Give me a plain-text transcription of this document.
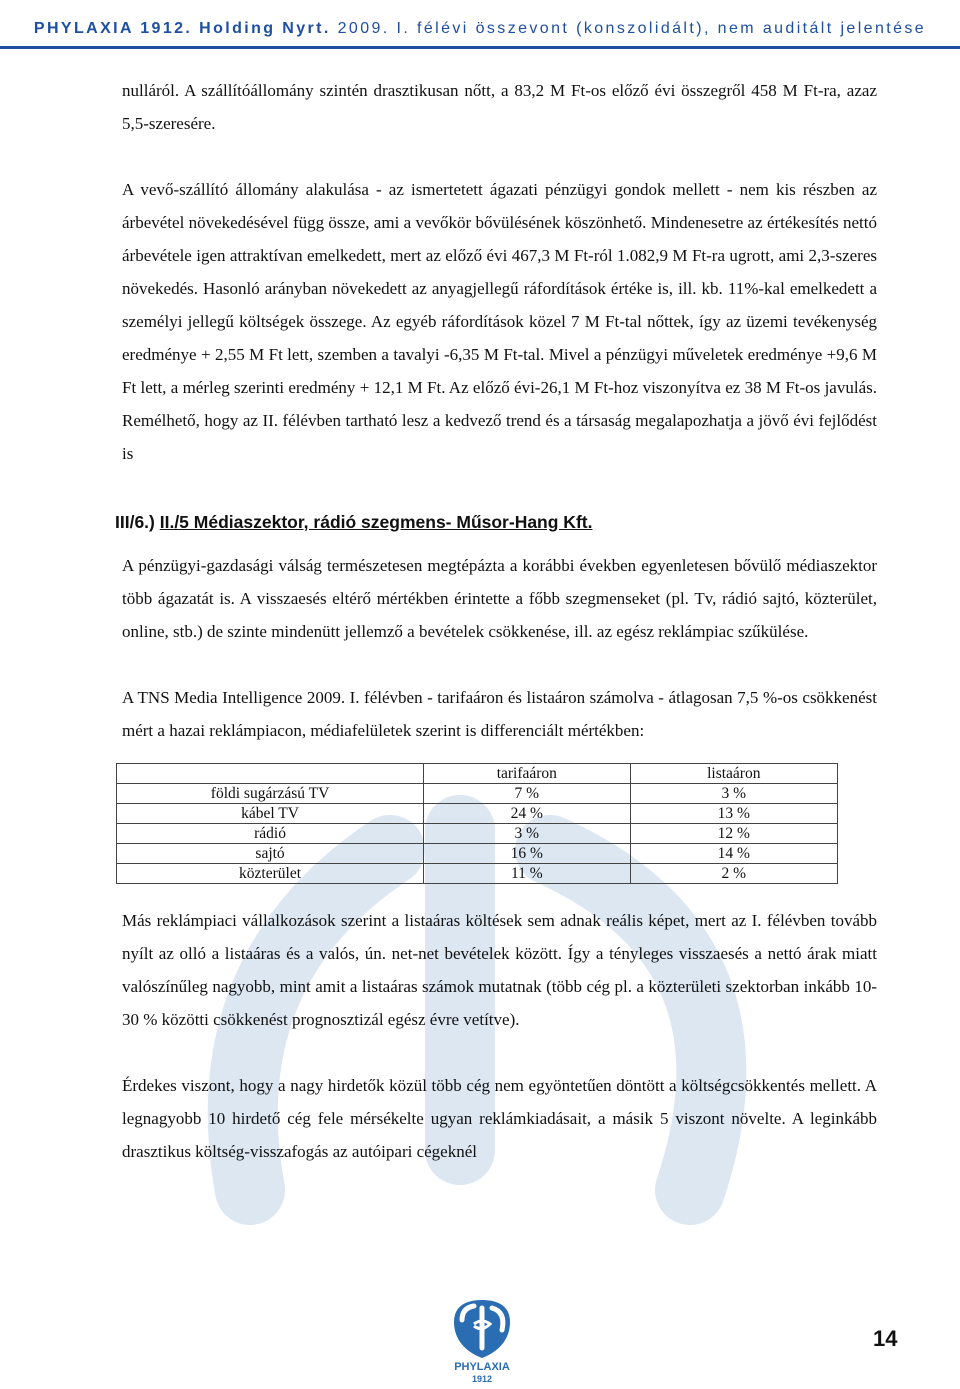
PHYLAXIA 1912. Holding Nyrt. 2009. I. félévi összevont (konszolidált), nem auditált jelentése

nulláról. A szállítóállomány szintén drasztikusan nőtt, a 83,2 M Ft-os előző évi összegről 458 M Ft-ra, azaz 5,5-szeresére.

A vevő-szállító állomány alakulása - az ismertetett ágazati pénzügyi gondok mellett - nem kis részben az árbevétel növekedésével függ össze, ami a vevőkör bővülésének köszönhető. Mindenesetre az értékesítés nettó árbevétele igen attraktívan emelkedett, mert az előző évi 467,3 M Ft-ról 1.082,9 M Ft-ra ugrott, ami 2,3-szeres növekedés. Hasonló arányban növekedett az anyagjellegű ráfordítások értéke is, ill. kb. 11%-kal emelkedett a személyi jellegű költségek összege. Az egyéb ráfordítások közel 7 M Ft-tal nőttek, így az üzemi tevékenység eredménye + 2,55 M Ft lett, szemben a tavalyi -6,35 M Ft-tal. Mivel a pénzügyi műveletek eredménye +9,6 M Ft lett, a mérleg szerinti eredmény + 12,1 M Ft. Az előző évi-26,1 M Ft-hoz viszonyítva ez 38 M Ft-os javulás. Remélhető, hogy az II. félévben tartható lesz a kedvező trend és a társaság megalapozhatja a jövő évi fejlődést is

III/6.) II./5 Médiaszektor, rádió szegmens- Műsor-Hang Kft.

A pénzügyi-gazdasági válság természetesen megtépázta a korábbi években egyenletesen bővülő médiaszektor több ágazatát is. A visszaesés eltérő mértékben érintette a főbb szegmenseket (pl. Tv, rádió sajtó, közterület, online, stb.) de szinte mindenütt jellemző a bevételek csökkenése, ill. az egész reklámpiac szűkülése.

A TNS Media Intelligence 2009. I. félévben - tarifaáron és listaáron számolva - átlagosan 7,5 %-os csökkenést mért a hazai reklámpiacon, médiafelületek szerint is differenciált mértékben:

	tarifaáron	listaáron
földi sugárzású TV	7 %	3 %
kábel TV	24 %	13 %
rádió	3 %	12 %
sajtó	16 %	14 %
közterület	11 %	2 %

Más reklámpiaci vállalkozások szerint a listaáras költések sem adnak reális képet, mert az I. félévben tovább nyílt az olló a listaáras és a valós, ún. net-net bevételek között. Így a tényleges visszaesés a nettó árak miatt valószínűleg nagyobb, mint amit a listaáras számok mutatnak (több cég pl. a közterületi szektorban inkább 10-30 % közötti csökkenést prognosztizál egész évre vetítve).

Érdekes viszont, hogy a nagy hirdetők közül több cég nem egyöntetűen döntött a költségcsökkentés mellett. A legnagyobb 10 hirdető cég fele mérsékelte ugyan reklámkiadásait, a másik 5 viszont növelte. A leginkább drasztikus költség-visszafogás az autóipari cégeknél

PHYLAXIA
1912
14
